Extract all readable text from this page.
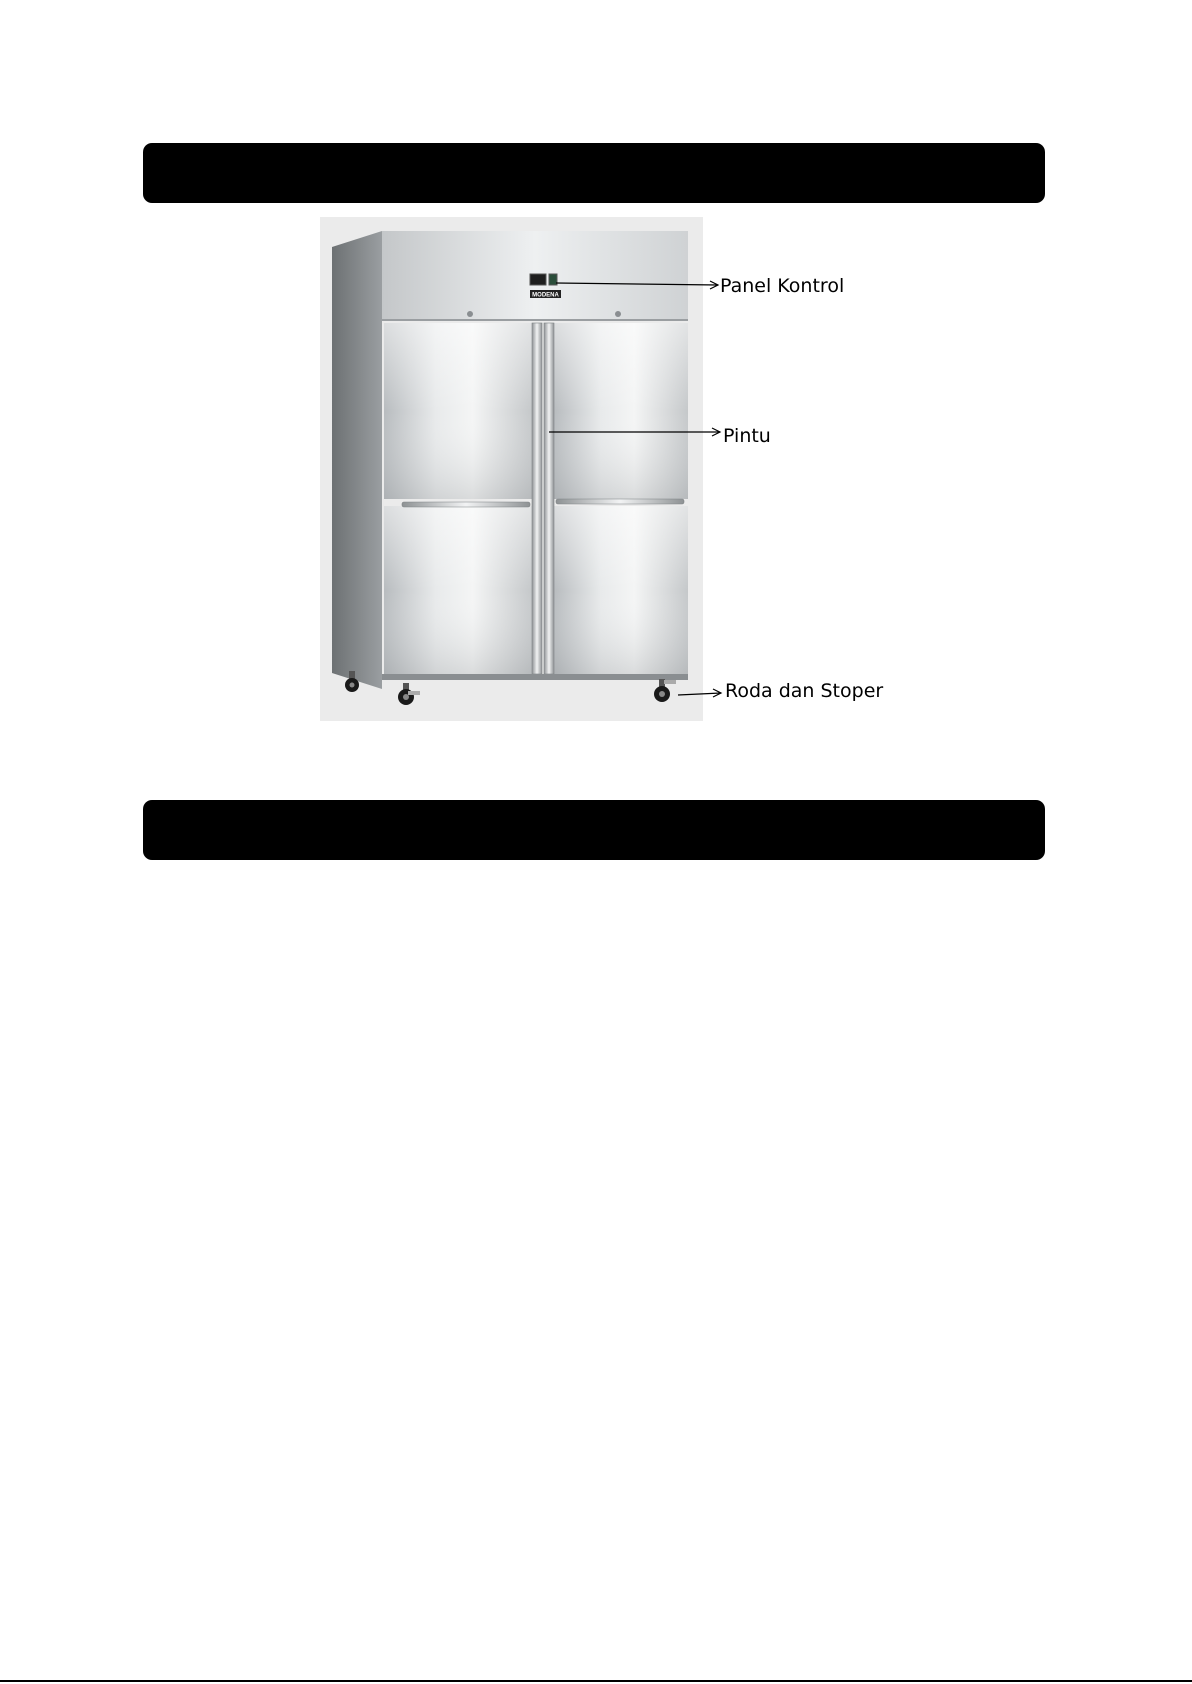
MODENA	Panel Kontrol
Pintu
Roda dan Stoper
